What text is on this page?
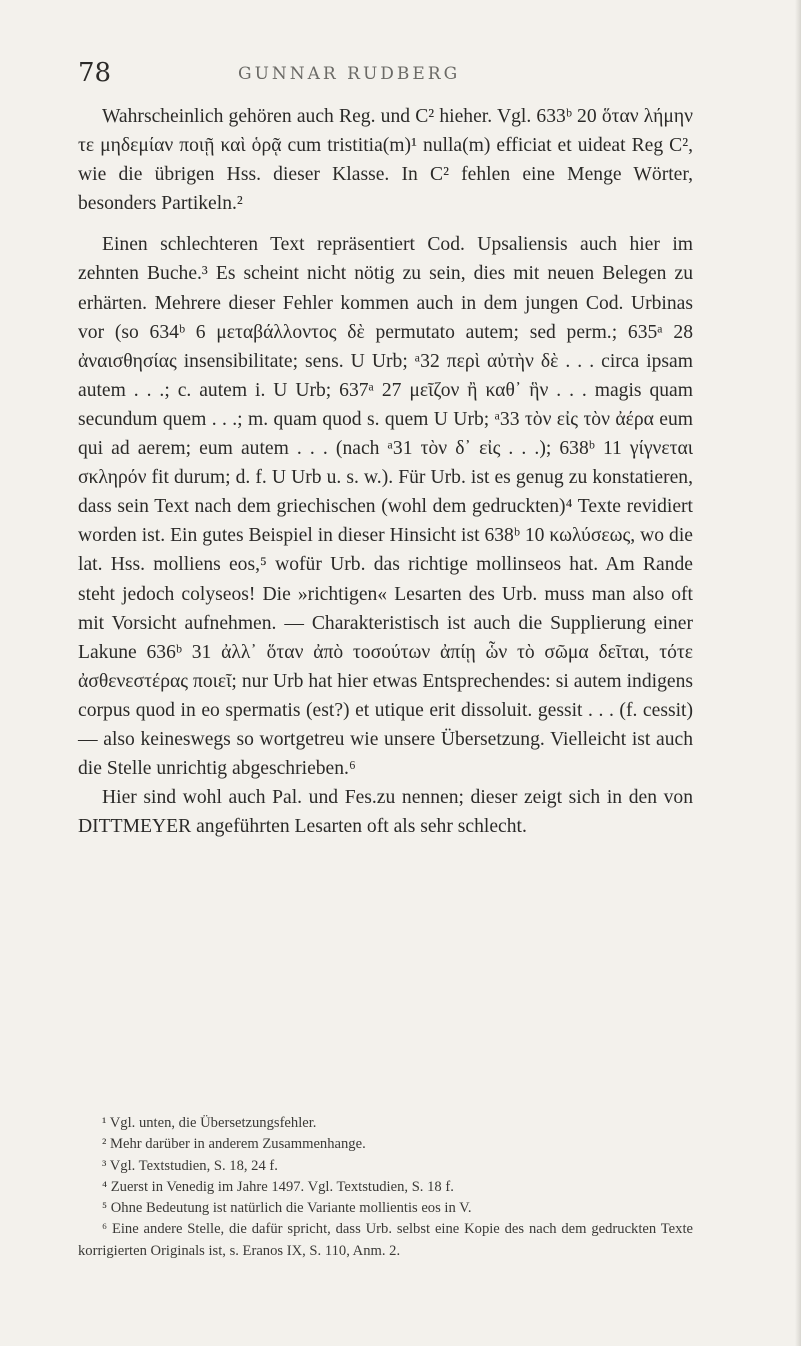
78	GUNNAR RUDBERG

Wahrscheinlich gehören auch Reg. und C² hieher. Vgl. 633ᵇ 20 ὅταν λήμην τε μηδεμίαν ποιῇ καὶ ὁρᾷ cum tristitia(m)¹ nulla(m) efficiat et uideat Reg C², wie die übrigen Hss. dieser Klasse. In C² fehlen eine Menge Wörter, besonders Partikeln.²

Einen schlechteren Text repräsentiert Cod. Upsaliensis auch hier im zehnten Buche.³ Es scheint nicht nötig zu sein, dies mit neuen Belegen zu erhärten. Mehrere dieser Fehler kommen auch in dem jungen Cod. Urbinas vor (so 634ᵇ 6 μεταβάλλοντος δὲ permutato autem; sed perm.; 635ᵃ 28 ἀναισθησίας insensibilitate; sens. U Urb; ᵃ32 περὶ αὐτὴν δὲ . . . circa ipsam autem . . .; c. autem i. U Urb; 637ᵃ 27 μεῖζον ἢ καθ᾽ ἣν . . . magis quam secundum quem . . .; m. quam quod s. quem U Urb; ᵃ33 τὸν εἰς τὸν ἀέρα eum qui ad aerem; eum autem . . . (nach ᵃ31 τὸν δ᾽ εἰς . . .); 638ᵇ 11 γίγνεται σκληρόν fit durum; d. f. U Urb u. s. w.). Für Urb. ist es genug zu konstatieren, dass sein Text nach dem griechischen (wohl dem gedruckten)⁴ Texte revidiert worden ist. Ein gutes Beispiel in dieser Hinsicht ist 638ᵇ 10 κωλύσεως, wo die lat. Hss. molliens eos,⁵ wofür Urb. das richtige mollinseos hat. Am Rande steht jedoch colyseos! Die »richtigen« Lesarten des Urb. muss man also oft mit Vorsicht aufnehmen. — Charakteristisch ist auch die Supplierung einer Lakune 636ᵇ 31 ἀλλ᾽ ὅταν ἀπὸ τοσούτων ἀπίῃ ὧν τὸ σῶμα δεῖται, τότε ἀσθενεστέρας ποιεῖ; nur Urb hat hier etwas Entsprechendes: si autem indigens corpus quod in eo spermatis (est?) et utique erit dissoluit. gessit . . . (f. cessit) — also keineswegs so wortgetreu wie unsere Übersetzung. Vielleicht ist auch die Stelle unrichtig abgeschrieben.⁶

Hier sind wohl auch Pal. und Fes.zu nennen; dieser zeigt sich in den von DITTMEYER angeführten Lesarten oft als sehr schlecht.

¹ Vgl. unten, die Übersetzungsfehler.

² Mehr darüber in anderem Zusammenhange.

³ Vgl. Textstudien, S. 18, 24 f.

⁴ Zuerst in Venedig im Jahre 1497. Vgl. Textstudien, S. 18 f.

⁵ Ohne Bedeutung ist natürlich die Variante mollientis eos in V.

⁶ Eine andere Stelle, die dafür spricht, dass Urb. selbst eine Kopie des nach dem gedruckten Texte korrigierten Originals ist, s. Eranos IX, S. 110, Anm. 2.
